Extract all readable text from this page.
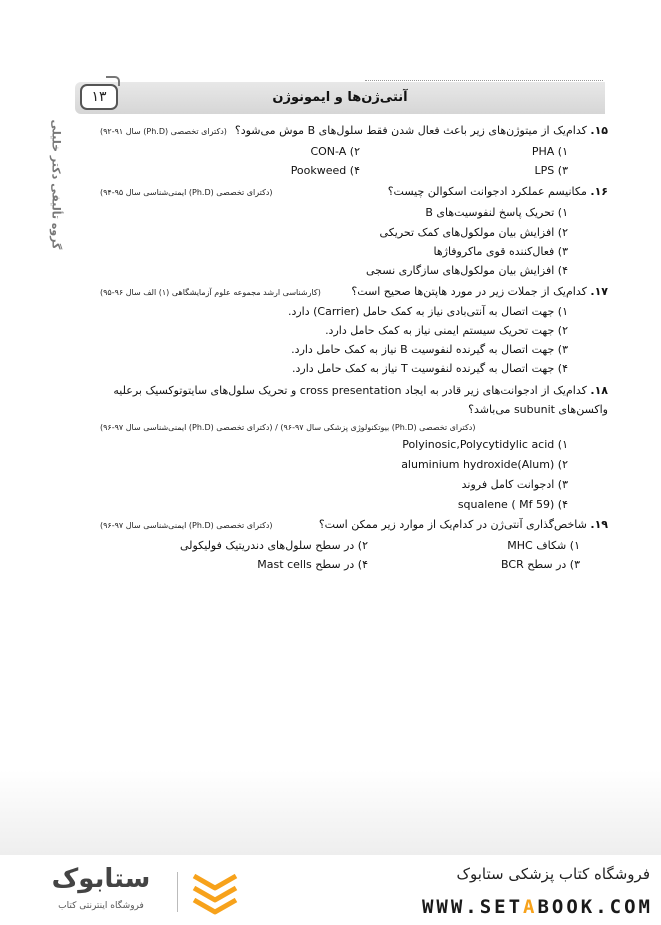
آنتی‌ژن‌ها و ایمونوژن
۱۳
گروه تألیفی دکتر خلیلی	۱۵. کدام‌یک از میتوژن‌های زیر باعث فعال شدن فقط سلول‌های B موش می‌شود؟
(دکترای تخصصی (Ph.D) سال ۹۱-۹۲)
۱) PHA
۲) CON-A
۳) LPS
۴) Pookweed
۱۶. مکانیسم عملکرد ادجوانت اسکوالن چیست؟
(دکترای تخصصی (Ph.D) ایمنی‌شناسی سال ۹۵-۹۴)
۱) تحریک پاسخ لنفوسیت‌های B
۲) افزایش بیان مولکول‌های کمک تحریکی
۳) فعال‌کننده قوی ماکروفاژها
۴) افزایش بیان مولکول‌های سازگاری نسجی
۱۷. کدام‌یک از جملات زیر در مورد هاپتن‌ها صحیح است؟
(کارشناسی ارشد مجموعه علوم آزمایشگاهی (۱) الف سال ۹۶-۹۵)
۱) جهت اتصال به آنتی‌بادی نیاز به کمک حامل (Carrier) دارد.
۲) جهت تحریک سیستم ایمنی نیاز به کمک حامل دارد.
۳) جهت اتصال به گیرنده لنفوسیت B نیاز به کمک حامل دارد.
۴) جهت اتصال به گیرنده لنفوسیت T نیاز به کمک حامل دارد.
۱۸. کدام‌یک از ادجوانت‌های زیر قادر به ایجاد cross presentation و تحریک سلول‌های سایتوتوکسیک برعلیه واکسن‌های subunit می‌باشد؟
(دکترای تخصصی (Ph.D) بیوتکنولوژی پزشکی سال ۹۷-۹۶) / (دکترای تخصصی (Ph.D) ایمنی‌شناسی سال ۹۷-۹۶)
۱) Polyinosic,Polycytidylic acid
۲) (Alum)aluminium hydroxide
۳) ادجوانت کامل فروند
۴) (Mf 59 ) squalene
۱۹. شاخص‌گذاری آنتی‌ژن در کدام‌یک از موارد زیر ممکن است؟
(دکترای تخصصی (Ph.D) ایمنی‌شناسی سال ۹۷-۹۶)
۱) شکاف MHC
۲) در سطح سلول‌های دندریتیک فولیکولی
۳) در سطح BCR
۴) در سطح Mast cells
فروشگاه کتاب پزشکی ستابوک
WWW.SETABOOK.COM
ستابوک
فروشگاه اینترنتی کتاب
